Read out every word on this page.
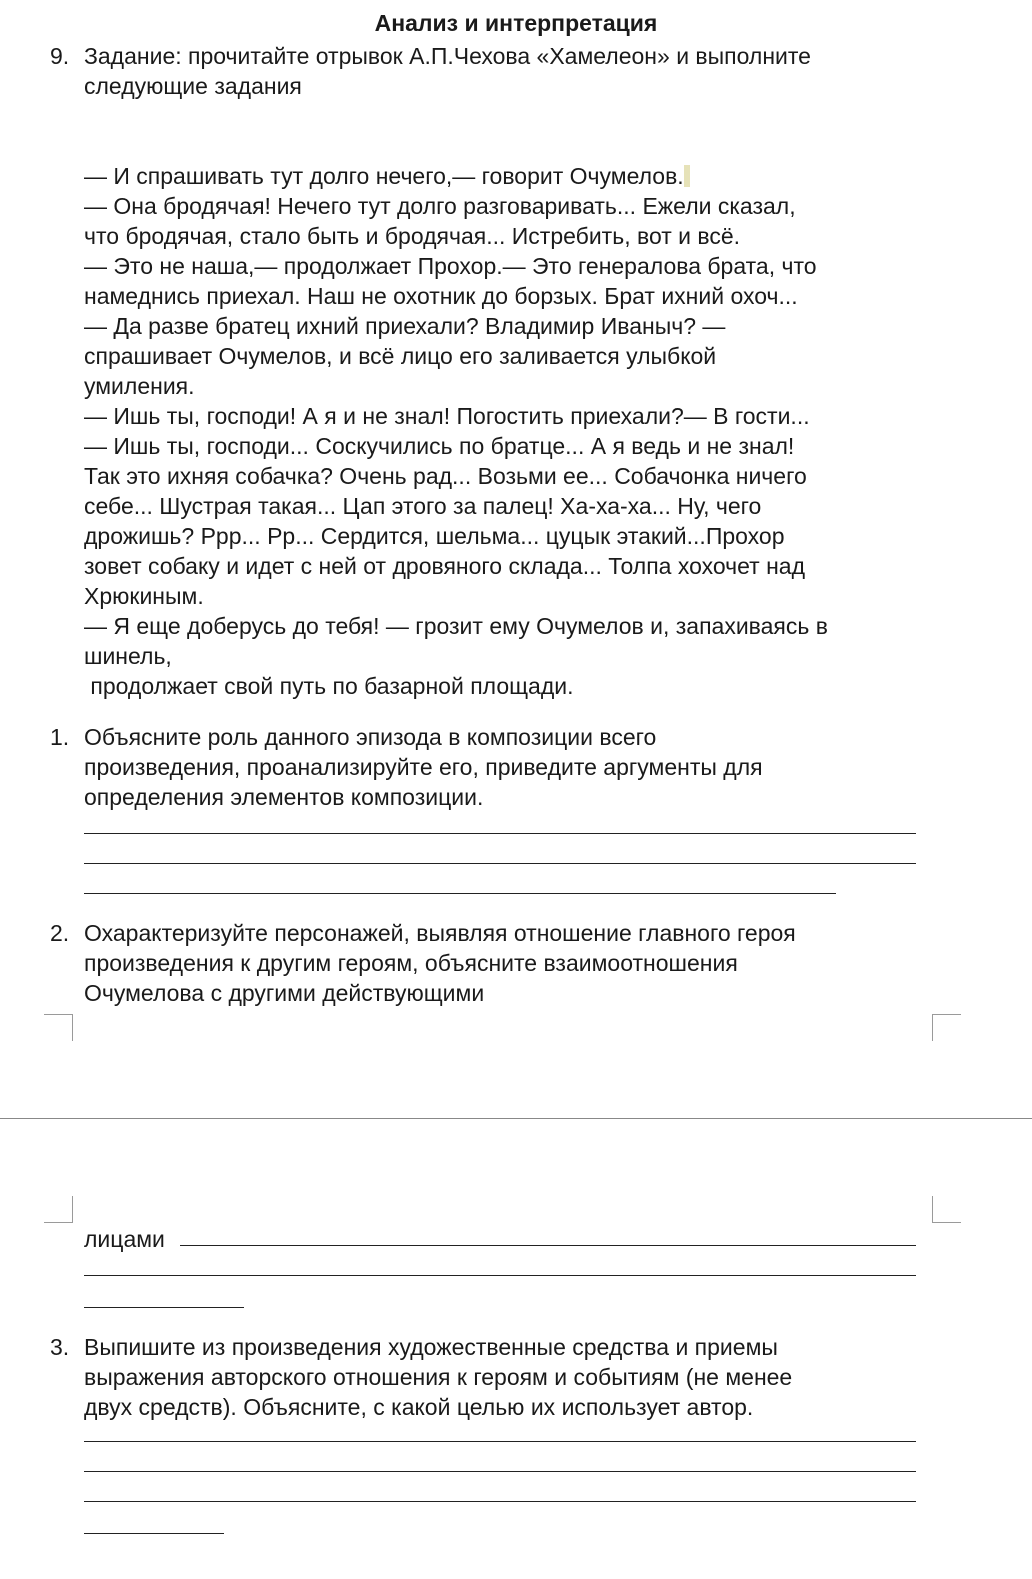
Анализ и интерпретация
9. Задание: прочитайте отрывок А.П.Чехова «Хамелеон» и выполните
следующие задания
— И спрашивать тут долго нечего,— говорит Очумелов.
— Она бродячая! Нечего тут долго разговаривать... Ежели сказал,
что бродячая, стало быть и бродячая... Истребить, вот и всё.
— Это не наша,— продолжает Прохор.— Это генералова брата, что
намеднись приехал. Наш не охотник до борзых. Брат ихний охоч...
— Да разве братец ихний приехали? Владимир Иваныч? —
спрашивает Очумелов, и всё лицо его заливается улыбкой
умиления.
— Ишь ты, господи! А я и не знал! Погостить приехали?— В гости...
— Ишь ты, господи... Соскучились по братце... А я ведь и не знал!
Так это ихняя собачка? Очень рад... Возьми ее... Собачонка ничего
себе... Шустрая такая... Цап этого за палец! Ха-ха-ха... Ну, чего
дрожишь? Ррр... Рр... Сердится, шельма... цуцык этакий...Прохор
зовет собаку и идет с ней от дровяного склада... Толпа хохочет над
Хрюкиным.
— Я еще доберусь до тебя! — грозит ему Очумелов и, запахиваясь в
шинель,
продолжает свой путь по базарной площади.
1. Объясните роль данного эпизода в композиции всего
произведения, проанализируйте его, приведите аргументы для
определения элементов композиции.
2. Охарактеризуйте персонажей, выявляя отношение главного героя
произведения к другим героям, объясните взаимоотношения
Очумелова с другими действующими
лицами
3. Выпишите из произведения художественные средства и приемы
выражения авторского отношения к героям и событиям (не менее
двух средств). Объясните, с какой целью их использует автор.
